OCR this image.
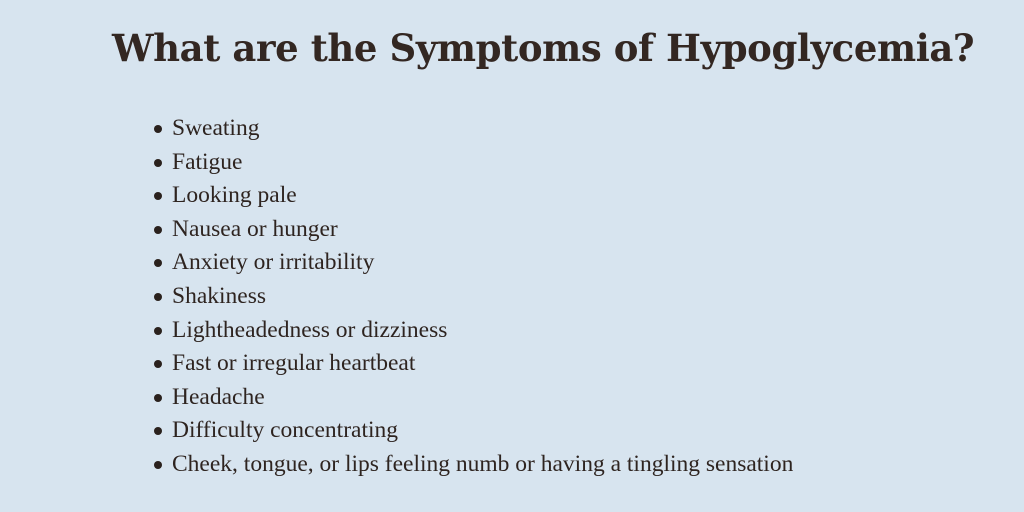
What are the Symptoms of Hypoglycemia?
Sweating
Fatigue
Looking pale
Nausea or hunger
Anxiety or irritability
Shakiness
Lightheadedness or dizziness
Fast or irregular heartbeat
Headache
Difficulty concentrating
Cheek, tongue, or lips feeling numb or having a tingling sensation
